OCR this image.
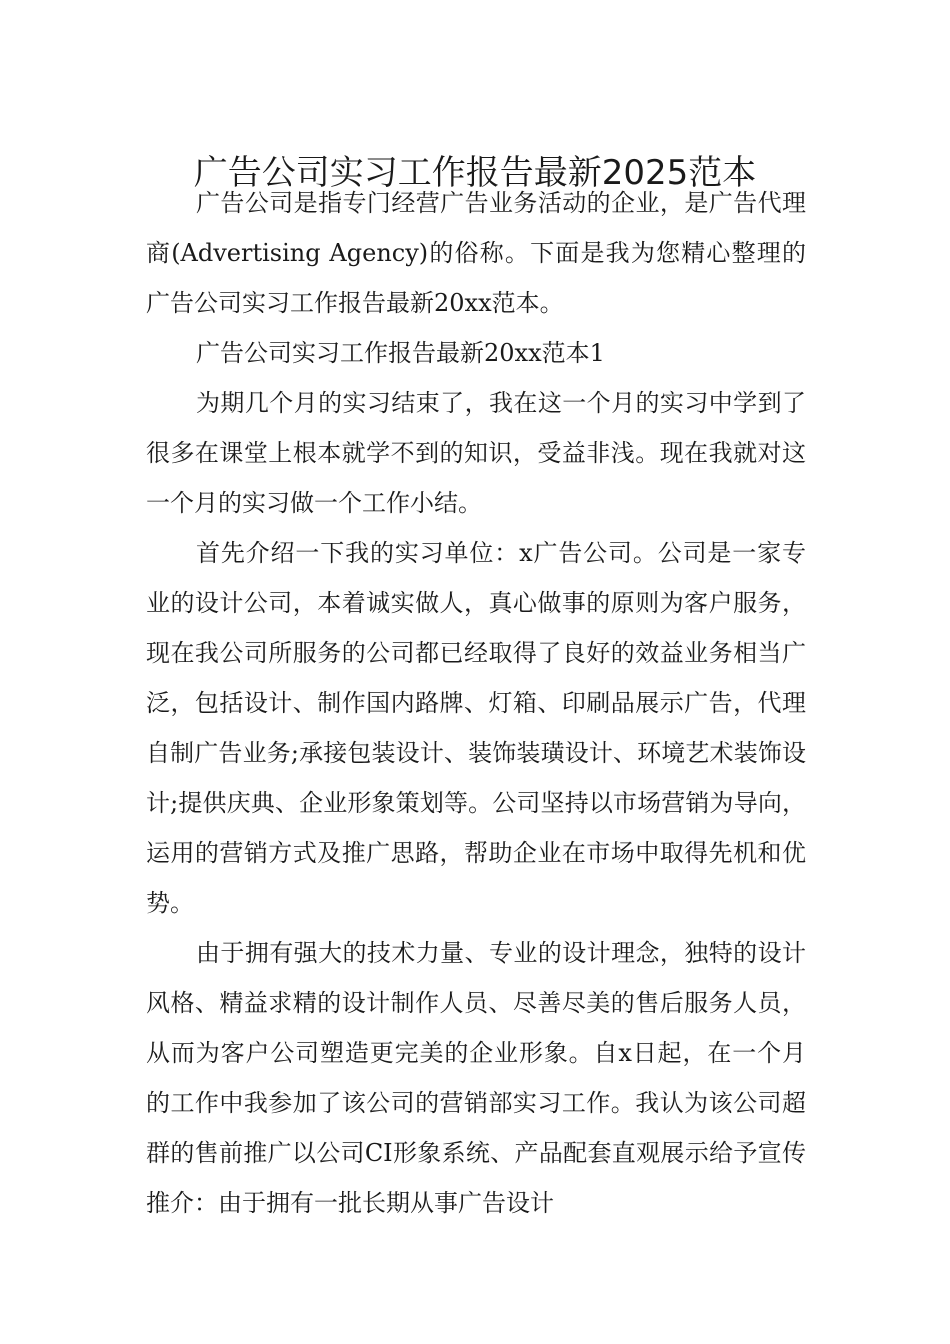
广告公司实习工作报告最新2025范本

广告公司是指专门经营广告业务活动的企业，是广告代理商(Advertising Agency)的俗称。下面是我为您精心整理的广告公司实习工作报告最新20xx范本。

广告公司实习工作报告最新20xx范本1

为期几个月的实习结束了，我在这一个月的实习中学到了很多在课堂上根本就学不到的知识，受益非浅。现在我就对这一个月的实习做一个工作小结。

首先介绍一下我的实习单位：x广告公司。公司是一家专业的设计公司，本着诚实做人，真心做事的原则为客户服务，现在我公司所服务的公司都已经取得了良好的效益业务相当广泛，包括设计、制作国内路牌、灯箱、印刷品展示广告，代理自制广告业务;承接包装设计、装饰装璜设计、环境艺术装饰设计;提供庆典、企业形象策划等。公司坚持以市场营销为导向，运用的营销方式及推广思路，帮助企业在市场中取得先机和优势。

由于拥有强大的技术力量、专业的设计理念，独特的设计风格、精益求精的设计制作人员、尽善尽美的售后服务人员，从而为客户公司塑造更完美的企业形象。自x日起，在一个月的工作中我参加了该公司的营销部实习工作。我认为该公司超群的售前推广以公司CI形象系统、产品配套直观展示给予宣传推介：由于拥有一批长期从事广告设计
